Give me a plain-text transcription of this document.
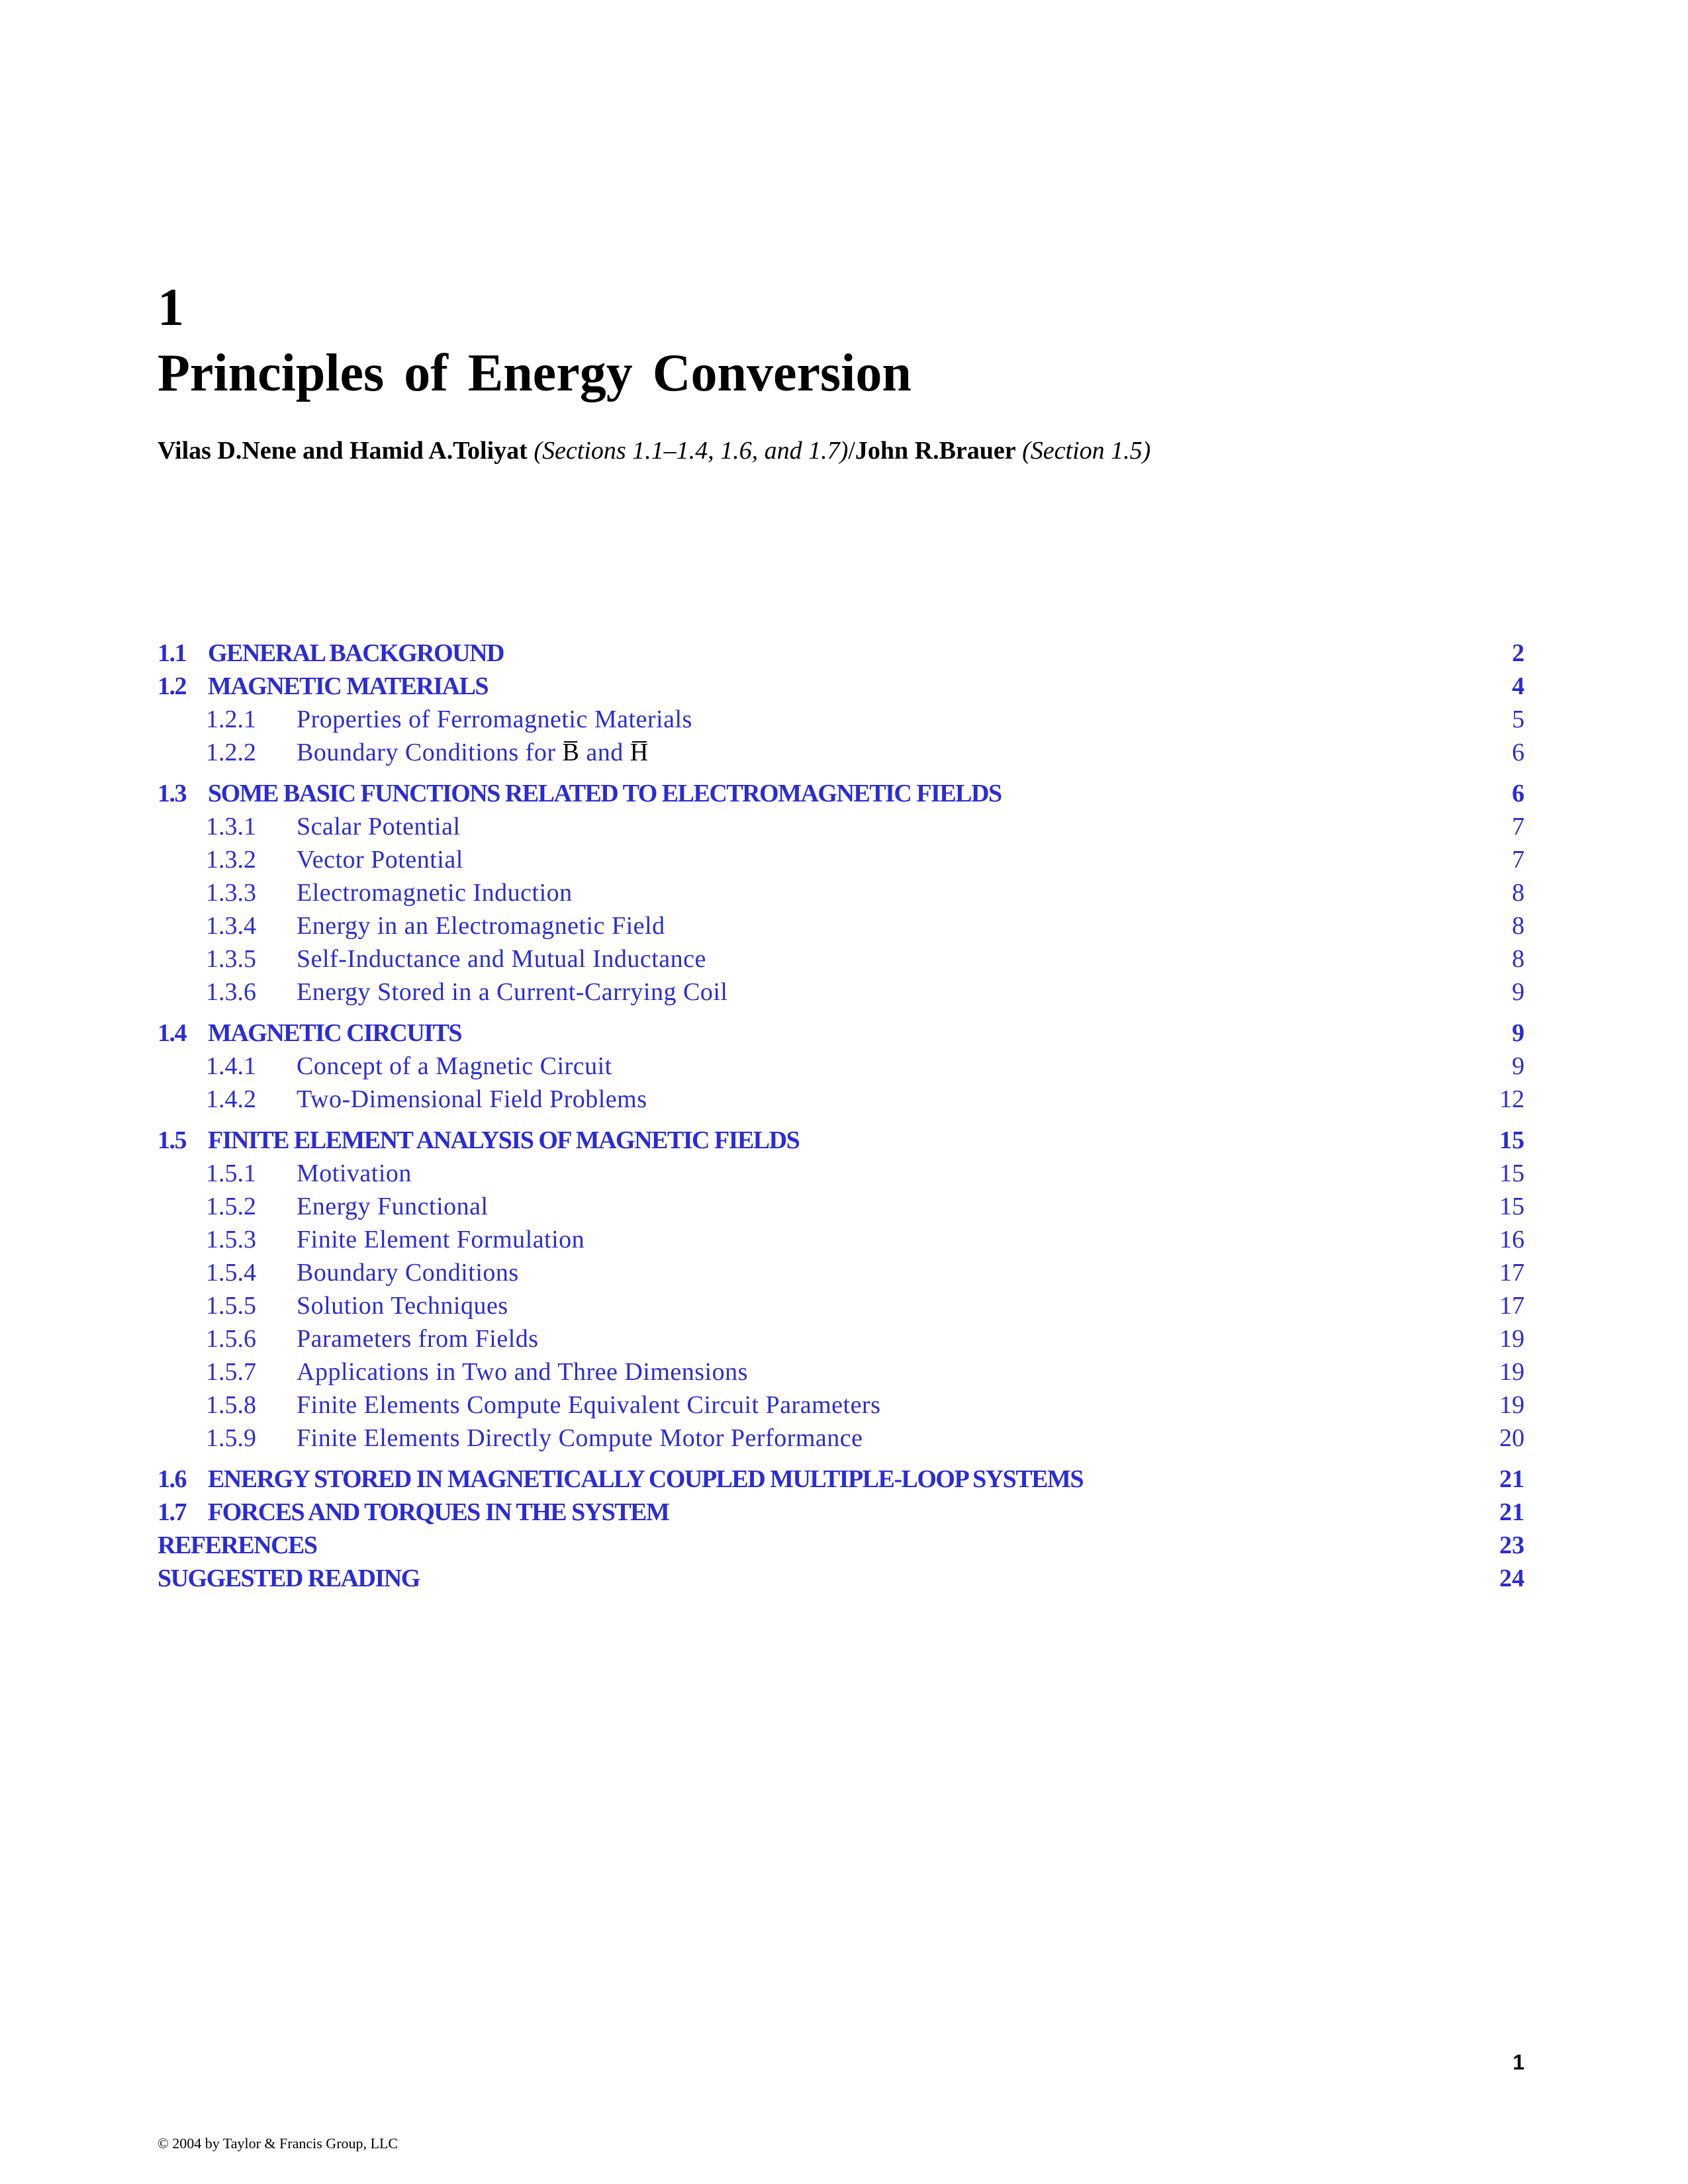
1
Principles of Energy Conversion
Vilas D.Nene and Hamid A.Toliyat (Sections 1.1–1.4, 1.6, and 1.7)/John R.Brauer (Section 1.5)
1.1 GENERAL BACKGROUND	2
1.2 MAGNETIC MATERIALS	4
1.2.1 Properties of Ferromagnetic Materials	5
1.2.2 Boundary Conditions for B and H	6
1.3 SOME BASIC FUNCTIONS RELATED TO ELECTROMAGNETIC FIELDS	6
1.3.1 Scalar Potential	7
1.3.2 Vector Potential	7
1.3.3 Electromagnetic Induction	8
1.3.4 Energy in an Electromagnetic Field	8
1.3.5 Self-Inductance and Mutual Inductance	8
1.3.6 Energy Stored in a Current-Carrying Coil	9
1.4 MAGNETIC CIRCUITS	9
1.4.1 Concept of a Magnetic Circuit	9
1.4.2 Two-Dimensional Field Problems	12
1.5 FINITE ELEMENT ANALYSIS OF MAGNETIC FIELDS	15
1.5.1 Motivation	15
1.5.2 Energy Functional	15
1.5.3 Finite Element Formulation	16
1.5.4 Boundary Conditions	17
1.5.5 Solution Techniques	17
1.5.6 Parameters from Fields	19
1.5.7 Applications in Two and Three Dimensions	19
1.5.8 Finite Elements Compute Equivalent Circuit Parameters	19
1.5.9 Finite Elements Directly Compute Motor Performance	20
1.6 ENERGY STORED IN MAGNETICALLY COUPLED MULTIPLE-LOOP SYSTEMS	21
1.7 FORCES AND TORQUES IN THE SYSTEM	21
REFERENCES	23
SUGGESTED READING	24
1
© 2004 by Taylor & Francis Group, LLC
